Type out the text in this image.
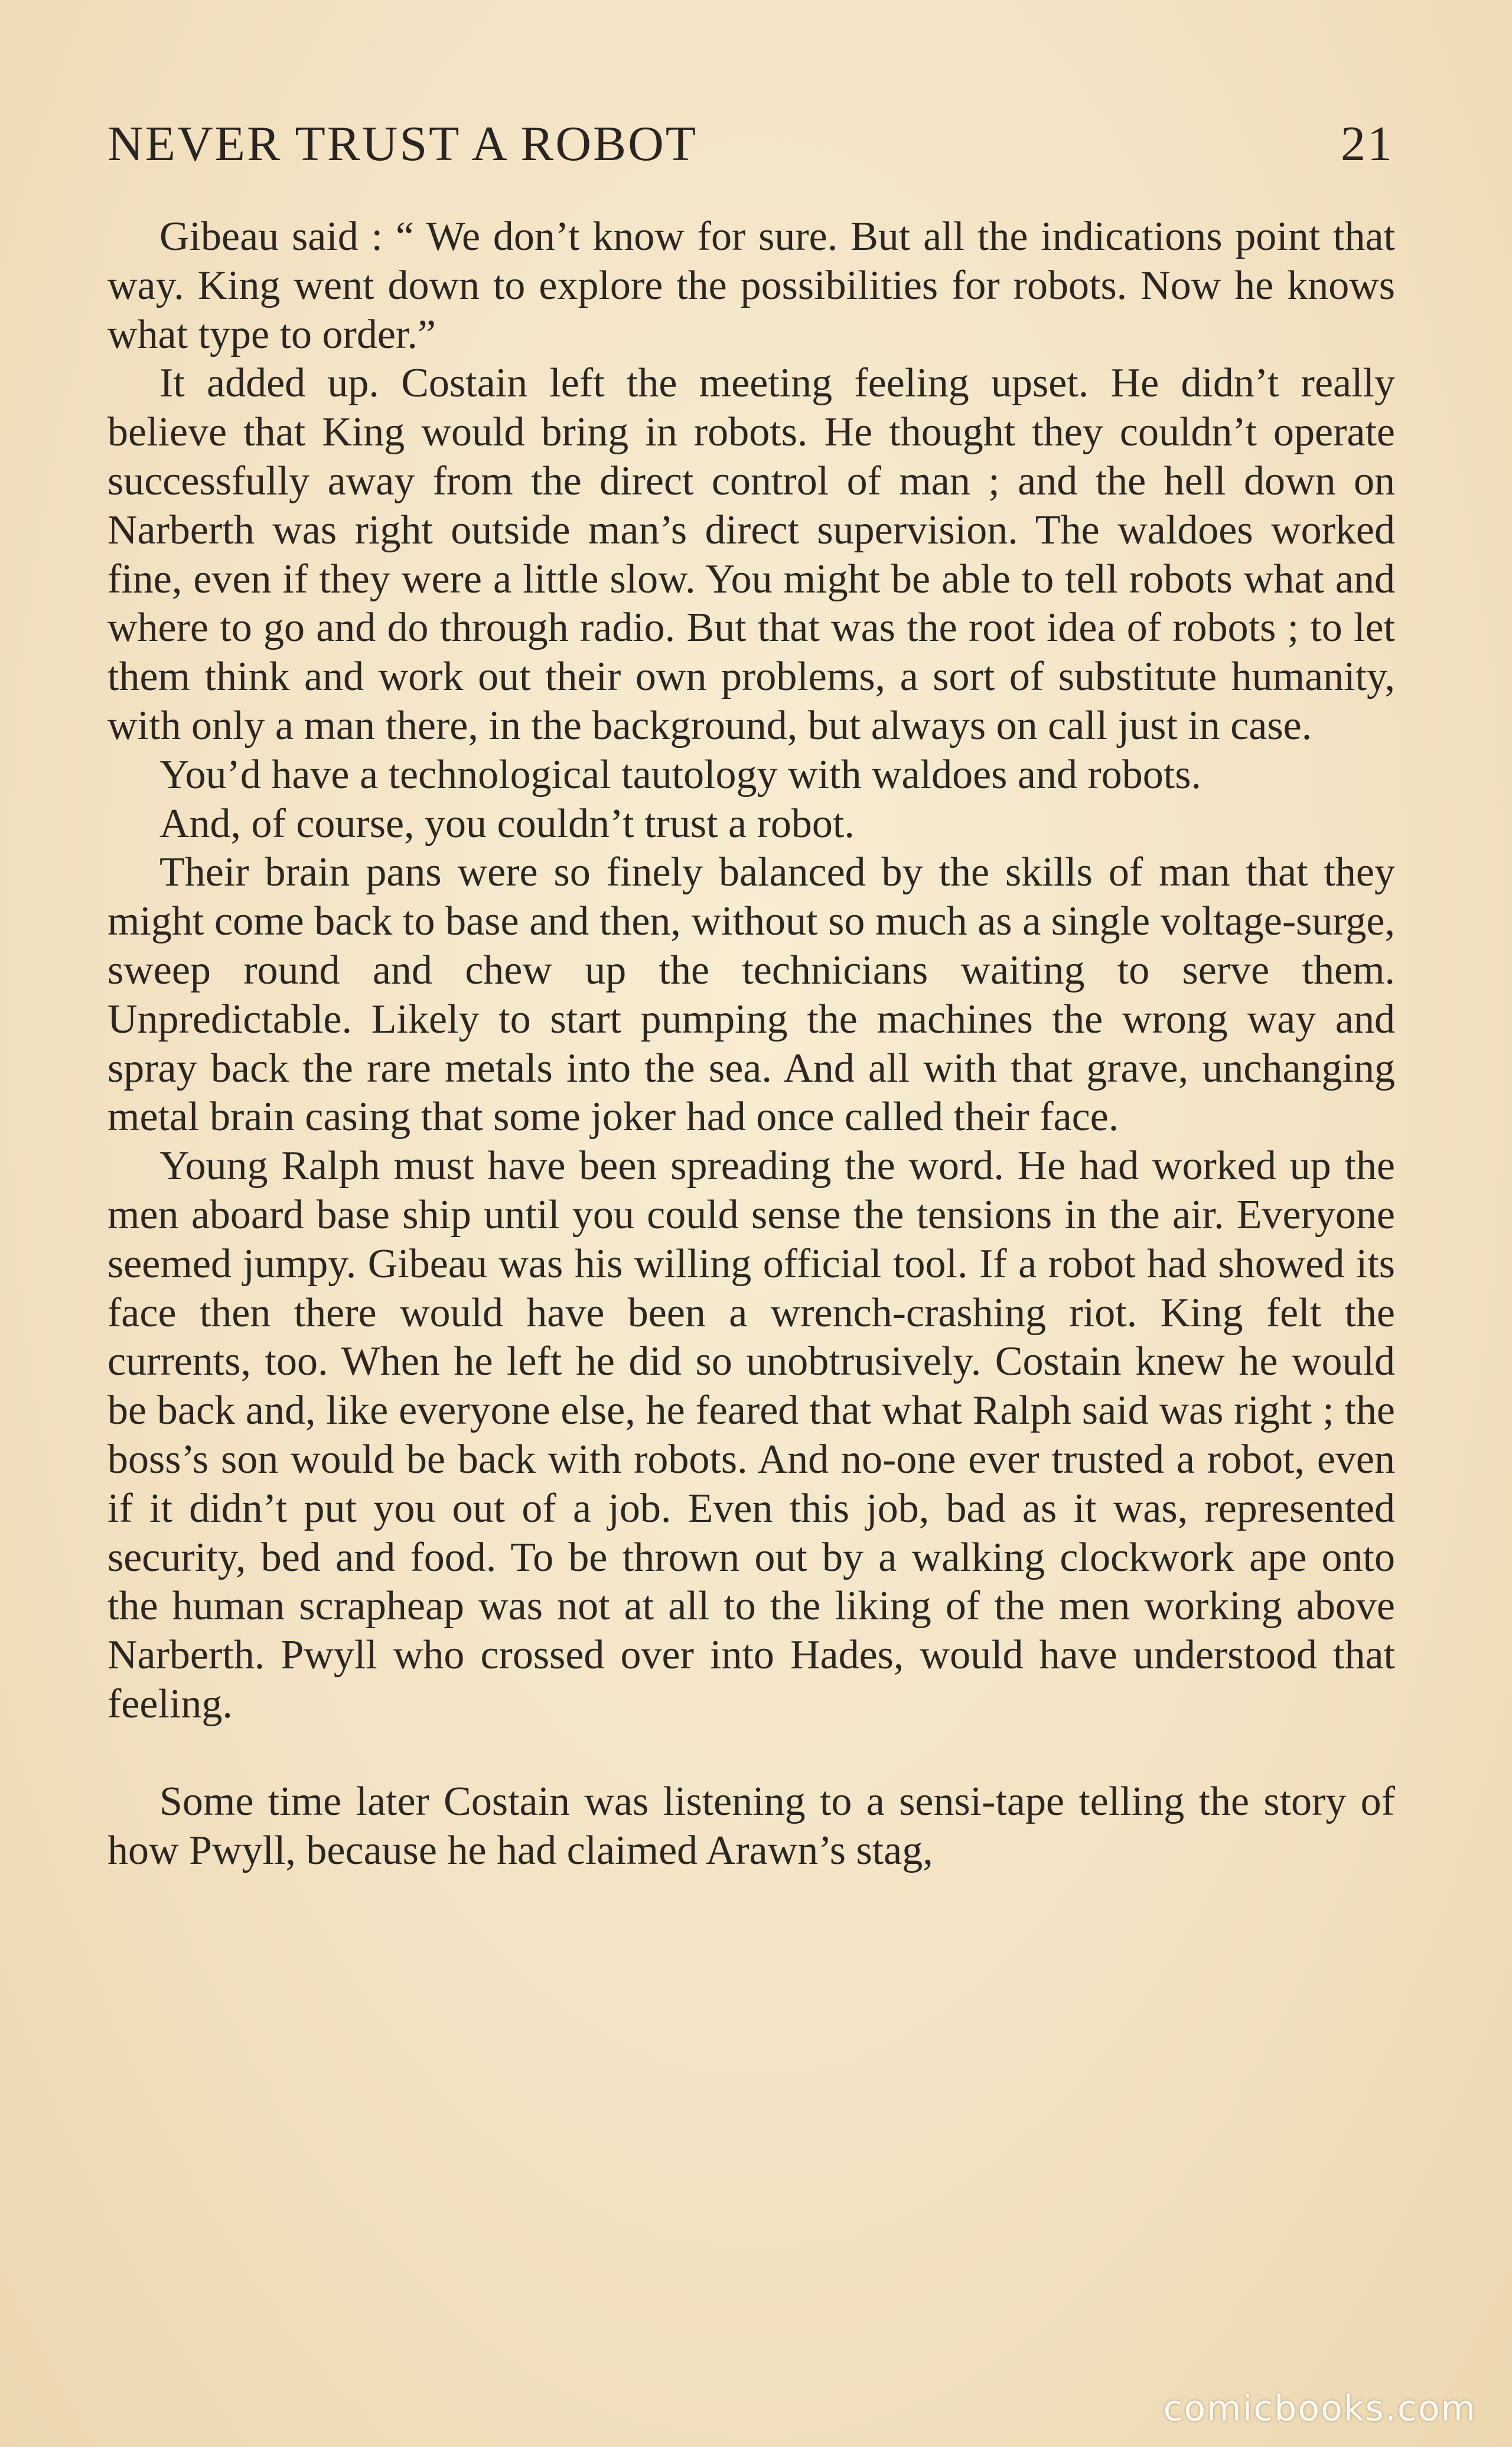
NEVER TRUST A ROBOT	21

Gibeau said : “ We don’t know for sure. But all the indications point that way. King went down to explore the possibilities for robots. Now he knows what type to order.”

It added up. Costain left the meeting feeling upset. He didn’t really believe that King would bring in robots. He thought they couldn’t operate successfully away from the direct control of man ; and the hell down on Narberth was right outside man’s direct supervision. The waldoes worked fine, even if they were a little slow. You might be able to tell robots what and where to go and do through radio. But that was the root idea of robots ; to let them think and work out their own problems, a sort of substitute humanity, with only a man there, in the background, but always on call just in case.

You’d have a technological tautology with waldoes and robots.

And, of course, you couldn’t trust a robot.

Their brain pans were so finely balanced by the skills of man that they might come back to base and then, without so much as a single voltage-surge, sweep round and chew up the technicians waiting to serve them. Unpredictable. Likely to start pumping the machines the wrong way and spray back the rare metals into the sea. And all with that grave, unchanging metal brain casing that some joker had once called their face.

Young Ralph must have been spreading the word. He had worked up the men aboard base ship until you could sense the tensions in the air. Everyone seemed jumpy. Gibeau was his willing official tool. If a robot had showed its face then there would have been a wrench-crashing riot. King felt the currents, too. When he left he did so unobtrusively. Costain knew he would be back and, like everyone else, he feared that what Ralph said was right ; the boss’s son would be back with robots. And no-one ever trusted a robot, even if it didn’t put you out of a job. Even this job, bad as it was, represented security, bed and food. To be thrown out by a walking clockwork ape onto the human scrapheap was not at all to the liking of the men working above Narberth. Pwyll who crossed over into Hades, would have understood that feeling.

Some time later Costain was listening to a sensi-tape telling the story of how Pwyll, because he had claimed Arawn’s stag,

comicbooks.com
